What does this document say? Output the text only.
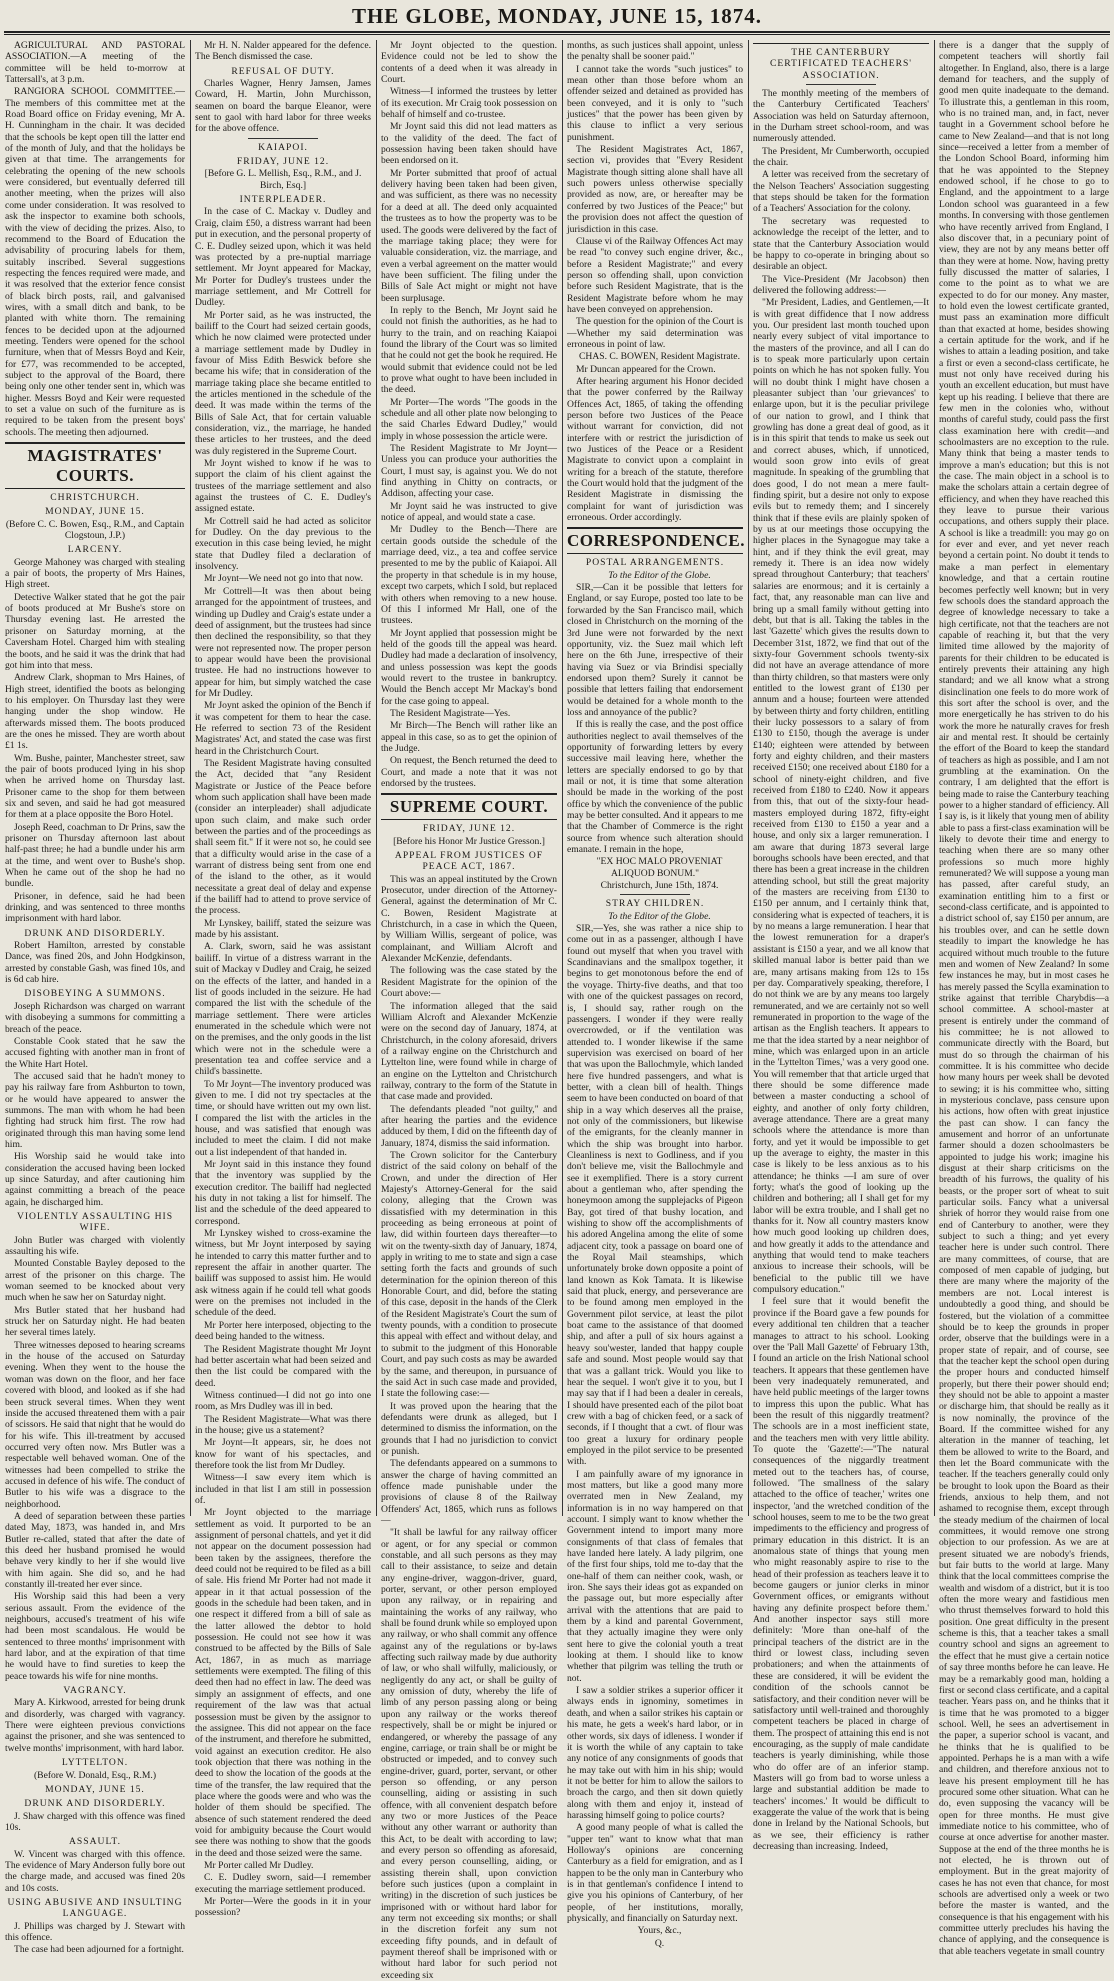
THE GLOBE, MONDAY, JUNE 15, 1874.

AGRICULTURAL AND PASTORAL ASSOCIATION.—A meeting of the committee will be held to-morrow at Tattersall's, at 3 p.m.

RANGIORA SCHOOL COMMITTEE.—The members of this committee met at the Road Board office on Friday evening, Mr A. H. Cunningham in the chair. It was decided that the schools be kept open till the latter end of the month of July, and that the holidays be given at that time. The arrangements for celebrating the opening of the new schools were considered, but eventually deferred till another meeting, when the prizes will also come under consideration. It was resolved to ask the inspector to examine both schools, with the view of deciding the prizes. Also, to recommend to the Board of Education the advisability of procuring labels for them, suitably inscribed. Several suggestions respecting the fences required were made, and it was resolved that the exterior fence consist of black birch posts, rail, and galvanised wires, with a small ditch and bank, to be planted with white thorn. The remaining fences to be decided upon at the adjourned meeting. Tenders were opened for the school furniture, when that of Messrs Boyd and Keir, for £77, was recommended to be accepted, subject to the approval of the Board, there being only one other tender sent in, which was higher. Messrs Boyd and Keir were requested to set a value on such of the furniture as is required to be taken from the present boys' schools. The meeting then adjourned.

MAGISTRATES' COURTS.
CHRISTCHURCH.
MONDAY, JUNE 15.

(Before C. C. Bowen, Esq., R.M., and Captain Clogstoun, J.P.)

LARCENY.

George Mahoney was charged with stealing a pair of boots, the property of Mrs Haines, High street.

Detective Walker stated that he got the pair of boots produced at Mr Bushe's store on Thursday evening last. He arrested the prisoner on Saturday morning, at the Caversham Hotel. Charged him with stealing the boots, and he said it was the drink that had got him into that mess.

Andrew Clark, shopman to Mrs Haines, of High street, identified the boots as belonging to his employer. On Thursday last they were hanging under the shop window. He afterwards missed them. The boots produced are the ones he missed. They are worth about £1 1s.

Wm. Bushe, painter, Manchester street, saw the pair of boots produced lying in his shop when he arrived home on Thursday last. Prisoner came to the shop for them between six and seven, and said he had got measured for them at a place opposite the Boro Hotel.

Joseph Reed, coachman to Dr Prins, saw the prisoner on Thursday afternoon last about half-past three; he had a bundle under his arm at the time, and went over to Bushe's shop. When he came out of the shop he had no bundle.

Prisoner, in defence, said he had been drinking, and was sentenced to three months imprisonment with hard labor.

DRUNK AND DISORDERLY.

Robert Hamilton, arrested by constable Dance, was fined 20s, and John Hodgkinson, arrested by constable Gash, was fined 10s, and is 6d cab hire.

DISOBEYING A SUMMONS.

Joseph Richardson was charged on warrant with disobeying a summons for committing a breach of the peace.

Constable Cook stated that he saw the accused fighting with another man in front of the White Hart Hotel.

The accused said that he hadn't money to pay his railway fare from Ashburton to town, or he would have appeared to answer the summons. The man with whom he had been fighting had struck him first. The row had originated through this man having some lend him.

His Worship said he would take into consideration the accused having been locked up since Saturday, and after cautioning him against committing a breach of the peace again, he discharged him.

VIOLENTLY ASSAULTING HIS WIFE.

John Butler was charged with violently assaulting his wife.

Mounted Constable Bayley deposed to the arrest of the prisoner on this charge. The woman seemed to be knocked about very much when he saw her on Saturday night.

Mrs Butler stated that her husband had struck her on Saturday night. He had beaten her several times lately.

Three witnesses deposed to hearing screams in the house of the accused on Saturday evening. When they went to the house the woman was down on the floor, and her face covered with blood, and looked as if she had been struck several times. When they went inside the accused threatened them with a pair of scissors. He said that night that he would do for his wife. This ill-treatment by accused occurred very often now. Mrs Butler was a respectable well behaved woman. One of the witnesses had been compelled to strike the accused in defence of his wife. The conduct of Butler to his wife was a disgrace to the neighborhood.

A deed of separation between these parties dated May, 1873, was handed in, and Mrs Butler re-called, stated that after the date of this deed her husband promised he would behave very kindly to her if she would live with him again. She did so, and he had constantly ill-treated her ever since.

His Worship said this had been a very serious assault. From the evidence of the neighbours, accused's treatment of his wife had been most scandalous. He would be sentenced to three months' imprisonment with hard labor, and at the expiration of that time he would have to find sureties to keep the peace towards his wife for nine months.

VAGRANCY.

Mary A. Kirkwood, arrested for being drunk and disorderly, was charged with vagrancy. There were eighteen previous convictions against the prisoner, and she was sentenced to twelve months' imprisonment, with hard labor.

LYTTELTON.

(Before W. Donald, Esq., R.M.)

MONDAY, JUNE 15.
DRUNK AND DISORDERLY.

J. Shaw charged with this offence was fined 10s.

ASSAULT.

W. Vincent was charged with this offence. The evidence of Mary Anderson fully bore out the charge made, and accused was fined 20s and 10s costs.

USING ABUSIVE AND INSULTING LANGUAGE.

J. Phillips was charged by J. Stewart with this offence.

The case had been adjourned for a fortnight.

Mr H. N. Nalder appeared for the defence. The Bench dismissed the case.

REFUSAL OF DUTY.

Charles Wagner, Henry Jamsen, James Coward, H. Martin, John Murchisson, seamen on board the barque Eleanor, were sent to gaol with hard labor for three weeks for the above offence.

KAIAPOI.
FRIDAY, JUNE 12.

[Before G. L. Mellish, Esq., R.M., and J. Birch, Esq.]

INTERPLEADER.

In the case of C. Mackay v. Dudley and Craig, claim £50, a distress warrant had been put in execution, and the personal property of C. E. Dudley seized upon, which it was held was protected by a pre-nuptial marriage settlement. Mr Joynt appeared for Mackay, Mr Porter for Dudley's trustees under the marriage settlement, and Mr Cottrell for Dudley.

Mr Porter said, as he was instructed, the bailiff to the Court had seized certain goods, which he now claimed were protected under a marriage settlement made by Dudley in favour of Miss Edith Beswick before she became his wife; that in consideration of the marriage taking place she became entitled to the articles mentioned in the schedule of the deed. It was made within the terms of the Bills of Sale Act, that for certain valuable consideration, viz., the marriage, he handed these articles to her trustees, and the deed was duly registered in the Supreme Court.

Mr Joynt wished to know if he was to support the claim of his client against the trustees of the marriage settlement and also against the trustees of C. E. Dudley's assigned estate.

Mr Cottrell said he had acted as solicitor for Dudley. On the day previous to the execution in this case being levied, he might state that Dudley filed a declaration of insolvency.

Mr Joynt—We need not go into that now.

Mr Cottrell—It was then about being arranged for the appointment of trustees, and winding up Dudley and Craig's estate under a deed of assignment, but the trustees had since then declined the responsibility, so that they were not represented now. The proper person to appear would have been the provisional trustee. He had no instructions however to appear for him, but simply watched the case for Mr Dudley.

Mr Joynt asked the opinion of the Bench if it was competent for them to hear the case. He referred to section 73 of the Resident Magistrates' Act, and stated the case was first heard in the Christchurch Court.

The Resident Magistrate having consulted the Act, decided that "any Resident Magistrate or Justice of the Peace before whom such application shall have been made (consider an interpleader) shall adjudicate upon such claim, and make such order between the parties and of the proceedings as shall seem fit." If it were not so, he could see that a difficulty would arise in the case of a warrant of distress being sent from one end of the island to the other, as it would necessitate a great deal of delay and expense if the bailiff had to attend to prove service of the process.

Mr Lynskey, bailiff, stated the seizure was made by his assistant.

A. Clark, sworn, said he was assistant bailiff. In virtue of a distress warrant in the suit of Mackay v Dudley and Craig, he seized on the effects of the latter, and handed in a list of goods included in the seizure. He had compared the list with the schedule of the marriage settlement. There were articles enumerated in the schedule which were not on the premises, and the only goods in the list which were not in the schedule were a presentation tea and coffee service and a child's bassinette.

To Mr Joynt—The inventory produced was given to me. I did not try spectacles at the time, or should have written out my own list. I compared the list with the articles in the house, and was satisfied that enough was included to meet the claim. I did not make out a list independent of that handed in.

Mr Joynt said in this instance they found that the inventory was supplied by the execution creditor. The bailiff had neglected his duty in not taking a list for himself. The list and the schedule of the deed appeared to correspond.

Mr Lynskey wished to cross-examine the witness, but Mr Joynt interposed by saying he intended to carry this matter further and to represent the affair in another quarter. The bailiff was supposed to assist him. He would ask witness again if he could tell what goods were on the premises not included in the schedule of the deed.

Mr Porter here interposed, objecting to the deed being handed to the witness.

The Resident Magistrate thought Mr Joynt had better ascertain what had been seized and then the list could be compared with the deed.

Witness continued—I did not go into one room, as Mrs Dudley was ill in bed.

The Resident Magistrate—What was there in the house; give us a statement?

Mr Joynt—It appears, sir, he does not know for want of his spectacles, and therefore took the list from Mr Dudley.

Witness—I saw every item which is included in that list I am still in possession of.

Mr Joynt objected to the marriage settlement as void. It purported to be an assignment of personal chattels, and yet it did not appear on the document possession had been taken by the assignees, therefore the deed could not be required to be filed as a bill of sale. His friend Mr Porter had not made it appear in it that actual possession of the goods in the schedule had been taken, and in one respect it differed from a bill of sale as the latter allowed the debtor to hold possession. He could not see how it was construed to be affected by the Bills of Sale Act, 1867, in as much as marriage settlements were exempted. The filing of this deed then had no effect in law. The deed was simply an assignment of effects, and one requirement of the law was that actual possession must be given by the assignor to the assignee. This did not appear on the face of the instrument, and therefore he submitted, void against an execution creditor. He also took objection that there was nothing in the deed to show the location of the goods at the time of the transfer, the law required that the place where the goods were and who was the holder of them should be specified. The absence of such statement rendered the deed void for ambiguity because the Court would see there was nothing to show that the goods in the deed and those seized were the same.

Mr Porter called Mr Dudley.

C. E. Dudley sworn, said—I remember executing the marriage settlement produced.

Mr Porter—Were the goods in it in your possession?

Mr Joynt objected to the question. Evidence could not be led to show the contents of a deed when it was already in Court.

Witness—I informed the trustees by letter of its execution. Mr Craig took possession on behalf of himself and co-trustee.

Mr Joynt said this did not lead matters as to the validity of the deed. The fact of possession having been taken should have been endorsed on it.

Mr Porter submitted that proof of actual delivery having been taken had been given, and was sufficient, as there was no necessity for a deed at all. The deed only acquainted the trustees as to how the property was to be used. The goods were delivered by the fact of the marriage taking place; they were for valuable consideration, viz. the marriage, and even a verbal agreement on the matter would have been sufficient. The filing under the Bills of Sale Act might or might not have been surplusage.

In reply to the Bench, Mr Joynt said he could not finish the authorities, as he had to hurry to the train, and on reaching Kaiapoi found the library of the Court was so limited that he could not get the book he required. He would submit that evidence could not be led to prove what ought to have been included in the deed.

Mr Porter—The words "The goods in the schedule and all other plate now belonging to the said Charles Edward Dudley," would imply in whose possession the article were.

The Resident Magistrate to Mr Joynt—Unless you can produce your authorities the Court, I must say, is against you. We do not find anything in Chitty on contracts, or Addison, affecting your case.

Mr Joynt said he was instructed to give notice of appeal, and would state a case.

Mr Dudley to the Bench—There are certain goods outside the schedule of the marriage deed, viz., a tea and coffee service presented to me by the public of Kaiapoi. All the property in that schedule is in my house, except two carpets, which I sold, but replaced with others when removing to a new house. Of this I informed Mr Hall, one of the trustees.

Mr Joynt applied that possession might be held of the goods till the appeal was heard. Dudley had made a declaration of insolvency, and unless possession was kept the goods would revert to the trustee in bankruptcy. Would the Bench accept Mr Mackay's bond for the case going to appeal.

The Resident Magistrate—Yes.

Mr Birch—The Bench will rather like an appeal in this case, so as to get the opinion of the Judge.

On request, the Bench returned the deed to Court, and made a note that it was not endorsed by the trustees.

SUPREME COURT.
FRIDAY, JUNE 12.

[Before his Honor Mr Justice Gresson.]

APPEAL FROM JUSTICES OF PEACE ACT, 1867.

This was an appeal instituted by the Crown Prosecutor, under direction of the Attorney-General, against the determination of Mr C. C. Bowen, Resident Magistrate at Christchurch, in a case in which the Queen, by William Willis, sergeant of police, was complainant, and William Alcroft and Alexander McKenzie, defendants.

The following was the case stated by the Resident Magistrate for the opinion of the Court above:—

The information alleged that the said William Alcroft and Alexander McKenzie were on the second day of January, 1874, at Christchurch, in the colony aforesaid, drivers of a railway engine on the Christchurch and Lyttelton line, were found while in charge of an engine on the Lyttelton and Christchurch railway, contrary to the form of the Statute in that case made and provided.

The defendants pleaded "not guilty," and after hearing the parties and the evidence adduced by them, I did on the fifteenth day of January, 1874, dismiss the said information.

The Crown solicitor for the Canterbury district of the said colony on behalf of the Crown, and under the direction of Her Majesty's Attorney-General for the said colony, alleging that the Crown was dissatisfied with my determination in this proceeding as being erroneous at point of law, did within fourteen days thereafter—to wit on the twenty-sixth day of January, 1874, apply in writing to me to state and sign a case setting forth the facts and grounds of such determination for the opinion thereon of this Honorable Court, and did, before the stating of this case, deposit in the hands of the Clerk of the Resident Magistrate's Court the sum of twenty pounds, with a condition to prosecute this appeal with effect and without delay, and to submit to the judgment of this Honorable Court, and pay such costs as may be awarded by the same, and thereupon, in pursuance of the said Act in such case made and provided, I state the following case:—

It was proved upon the hearing that the defendants were drunk as alleged, but I determined to dismiss the information, on the grounds that I had no jurisdiction to convict or punish.

The defendants appeared on a summons to answer the charge of having committed an offence made punishable under the provisions of clause 8 of the Railway Offenders' Act, 1865, which runs as follows—

"It shall be lawful for any railway officer or agent, or for any special or common constable, and all such persons as they may call to their assistance, to seize and detain any engine-driver, waggon-driver, guard, porter, servant, or other person employed upon any railway, or in repairing and maintaining the works of any railway, who shall be found drunk while so employed upon any railway, or who shall commit any offence against any of the regulations or by-laws affecting such railway made by due authority of law, or who shall wilfully, maliciously, or negligently do any act, or shall be guilty of any omission of duty, whereby the life of limb of any person passing along or being upon any railway or the works thereof respectively, shall be or might be injured or endangered, or whereby the passage of any engine, carriage, or train shall be or might be obstructed or impeded, and to convey such engine-driver, guard, porter, servant, or other person so offending, or any person counselling, aiding or assisting in such offence, with all convenient despatch before any two or more Justices of the Peace without any other warrant or authority than this Act, to be dealt with according to law; and every person so offending as aforesaid, and every person counselling, aiding, or assisting therein shall, upon conviction before such justices (upon a complaint in writing) in the discretion of such justices be imprisoned with or without hard labor for any term not exceeding six months; or shall in the discretion forfeit any sum not exceeding fifty pounds, and in default of payment thereof shall be imprisoned with or without hard labor for such period not exceeding six

months, as such justices shall appoint, unless the penalty shall be sooner paid."

I cannot take the words "such justices" to mean other than those before whom an offender seized and detained as provided has been conveyed, and it is only to "such justices" that the power has been given by this clause to inflict a very serious punishment.

The Resident Magistrates Act, 1867, section vi, provides that "Every Resident Magistrate though sitting alone shall have all such powers unless otherwise specially provided as now, are, or hereafter may be conferred by two Justices of the Peace;" but the provision does not affect the question of jurisdiction in this case.

Clause vi of the Railway Offences Act may be read "to convey such engine driver, &c., before a Resident Magistrate;" and every person so offending shall, upon conviction before such Resident Magistrate, that is the Resident Magistrate before whom he may have been conveyed on apprehension.

The question for the opinion of the Court is—Whether my said determination was erroneous in point of law.

CHAS. C. BOWEN, Resident Magistrate.

Mr Duncan appeared for the Crown.

After hearing argument his Honor decided that the power conferred by the Railway Offences Act, 1865, of taking the offending person before two Justices of the Peace without warrant for conviction, did not interfere with or restrict the jurisdiction of two Justices of the Peace or a Resident Magistrate to convict upon a complaint in writing for a breach of the statute, therefore the Court would hold that the judgment of the Resident Magistrate in dismissing the complaint for want of jurisdiction was erroneous. Order accordingly.

CORRESPONDENCE.
POSTAL ARRANGEMENTS.

To the Editor of the Globe.

SIR,—Can it be possible that letters for England, or say Europe, posted too late to be forwarded by the San Francisco mail, which closed in Christchurch on the morning of the 3rd June were not forwarded by the next opportunity, viz. the Suez mail which left here on the 6th June, irrespective of their having via Suez or via Brindisi specially endorsed upon them? Surely it cannot be possible that letters failing that endorsement would be detained for a whole month to the loss and annoyance of the public?

If this is really the case, and the post office authorities neglect to avail themselves of the opportunity of forwarding letters by every successive mail leaving here, whether the letters are specially endorsed to go by that mail or not, it is time that some alteration should be made in the working of the post office by which the convenience of the public may be better consulted. And it appears to me that the Chamber of Commerce is the right source from whence such alteration should emanate. I remain in the hope,

"EX HOC MALO PROVENIAT ALIQUOD BONUM."

Christchurch, June 15th, 1874.

STRAY CHILDREN.

To the Editor of the Globe.

SIR,—Yes, she was rather a nice ship to come out in as a passenger, although I have found out myself that when you travel with Scandinavians and the smallpox together, it begins to get monotonous before the end of the voyage. Thirty-five deaths, and that too with one of the quickest passages on record, is, I should say, rather rough on the passengers. I wonder if they were really overcrowded, or if the ventilation was attended to. I wonder likewise if the same supervision was exercised on board of her that was upon the Ballochmyle, which landed here five hundred passengers, and what is better, with a clean bill of health. Things seem to have been conducted on board of that ship in a way which deserves all the praise, not only of the commissioners, but likewise of the emigrants, for the cleanly manner in which the ship was brought into harbor. Cleanliness is next to Godliness, and if you don't believe me, visit the Ballochmyle and see it exemplified. There is a story current about a gentleman who, after spending the honeymoon among the supplejacks of Pigeon Bay, got tired of that bushy location, and wishing to show off the accomplishments of his adored Angelina among the elite of some adjacent city, took a passage on board one of the Royal Mail steamships, which unfortunately broke down opposite a point of land known as Kok Tamata. It is likewise said that pluck, energy, and perseverance are to be found among men employed in the Government pilot service, at least the pilot boat came to the assistance of that doomed ship, and after a pull of six hours against a heavy sou'wester, landed that happy couple safe and sound. Most people would say that that was a gallant trick. Would you like to hear the sequel. I won't give it to you, but I may say that if I had been a dealer in cereals, I should have presented each of the pilot boat crew with a bag of chicken feed, or a sack of seconds, if I thought that a cwt. of flour was too great a luxury for ordinary people employed in the pilot service to be presented with.

I am painfully aware of my ignorance in most matters, but like a good many more overrated men in New Zealand, my information is in no way hampered on that account. I simply want to know whether the Government intend to import many more consignments of that class of females that have landed here lately. A lady pilgrim, one of the first four ships, told me to-day that the one-half of them can neither cook, wash, or iron. She says their ideas got as expanded on the passage out, but more especially after arrival with the attentions that are paid to them by a kind and parental Government, that they actually imagine they were only sent here to give the colonial youth a treat looking at them. I should like to know whether that pilgrim was telling the truth or not.

I saw a soldier strikes a superior officer it always ends in ignominy, sometimes in death, and when a sailor strikes his captain or his mate, he gets a week's hard labor, or in other words, six days of idleness. I wonder if it is worth the while of any captain to take any notice of any consignments of goods that he may take out with him in his ship; would it not be better for him to allow the sailors to broach the cargo, and then sit down quietly along with them and enjoy it, instead of harassing himself going to police courts?

A good many people of what is called the "upper ten" want to know what that man Holloway's opinions are concerning Canterbury as a field for emigration, and as I happen to be the only man in Canterbury who is in that gentleman's confidence I intend to give you his opinions of Canterbury, of her people, of her institutions, morally, physically, and financially on Saturday next.

Yours, &c.,

Q.

THE CANTERBURY CERTIFICATED TEACHERS' ASSOCIATION.

The monthly meeting of the members of the Canterbury Certificated Teachers' Association was held on Saturday afternoon, in the Durham street school-room, and was numerously attended.

The President, Mr Cumberworth, occupied the chair.

A letter was received from the secretary of the Nelson Teachers' Association suggesting that steps should be taken for the formation of a Teachers' Association for the colony.

The secretary was requested to acknowledge the receipt of the letter, and to state that the Canterbury Association would be happy to co-operate in bringing about so desirable an object.

The Vice-President (Mr Jacobson) then delivered the following address:—

"Mr President, Ladies, and Gentlemen,—It is with great diffidence that I now address you. Our president last month touched upon nearly every subject of vital importance to the masters of the province, and all I can do is to speak more particularly upon certain points on which he has not spoken fully. You will no doubt think I might have chosen a pleasanter subject than 'our grievances' to enlarge upon, but it is the peculiar privilege of our nation to growl, and I think that growling has done a great deal of good, as it is in this spirit that tends to make us seek out and correct abuses, which, if unnoticed, would soon grow into evils of great magnitude. In speaking of the grumbling that does good, I do not mean a mere fault-finding spirit, but a desire not only to expose evils but to remedy them; and I sincerely think that if these evils are plainly spoken of by us at our meetings those occupying the higher places in the Synagogue may take a hint, and if they think the evil great, may remedy it. There is an idea now widely spread throughout Canterbury; that teachers' salaries are enormous; and it is certainly a fact, that, any reasonable man can live and bring up a small family without getting into debt, but that is all. Taking the tables in the last 'Gazette' which gives the results down to December 31st, 1872, we find that out of the sixty-four Government schools twenty-six did not have an average attendance of more than thirty children, so that masters were only entitled to the lowest grant of £130 per annum and a house; fourteen were attended by between thirty and forty children, entitling their lucky possessors to a salary of from £130 to £150, though the average is under £140; eighteen were attended by between forty and eighty children, and their masters received £150; one received about £180 for a school of ninety-eight children, and five received from £180 to £240. Now it appears from this, that out of the sixty-four head-masters employed during 1872, fifty-eight received from £130 to £150 a year and a house, and only six a larger remuneration. I am aware that during 1873 several large boroughs schools have been erected, and that there has been a great increase in the children attending school, but still the great majority of the masters are receiving from £130 to £150 per annum, and I certainly think that, considering what is expected of teachers, it is by no means a large remuneration. I hear that the lowest remuneration for a draper's assistant is £150 a year, and we all know that skilled manual labor is better paid than we are, many artisans making from 12s to 15s per day. Comparatively speaking, therefore, I do not think we are by any means too largely remunerated, and we are certainly not so well remunerated in proportion to the wage of the artisan as the English teachers. It appears to me that the idea started by a near neighbor of mine, which was enlarged upon in an article in the 'Lyttelton Times,' was a very good one. You will remember that that article urged that there should be some difference made between a master conducting a school of eighty, and another of only forty children, average attendance. There are a great many schools where the attendance is more than forty, and yet it would be impossible to get up the average to eighty, the master in this case is likely to be less anxious as to his attendance; he thinks —I am sure of over forty; what's the good of looking up the children and bothering; all I shall get for my labor will be extra trouble, and I shall get no thanks for it. Now all country masters know how much good looking up children does, and how greatly it adds to the attendance and anything that would tend to make teachers anxious to increase their schools, will be beneficial to the public till we have compulsory education."

I feel sure that it would benefit the province if the Board gave a few pounds for every additional ten children that a teacher manages to attract to his school. Looking over the 'Pall Mall Gazette' of February 13th, I found an article on the Irish National school teachers. It appears that these gentlemen have been very inadequately remunerated, and have held public meetings of the larger towns to impress this upon the public. What has been the result of this niggardly treatment? The schools are in a most inefficient state, and the teachers men with very little ability. To quote the 'Gazette':—"The natural consequences of the niggardly treatment meted out to the teachers has, of course, followed. 'The smallness of the salary attached to the office of teacher,' writes one inspector, 'and the wretched condition of the school houses, seem to me to be the two great impediments to the efficiency and progress of primary education in this district. It is an anomalous state of things that young men who might reasonably aspire to rise to the head of their profession as teachers leave it to become gaugers or junior clerks in minor Government offices, or emigrants without having any definite prospect before them.' And another inspector says still more definitely: 'More than one-half of the principal teachers of the district are in the third or lowest class, including seven probationers; and when the attainments of these are considered, it will be evident the condition of the schools cannot be satisfactory, and their condition never will be satisfactory until well-trained and thoroughly competent teachers be placed in charge of them. The prospect of attaining this end is not encouraging, as the supply of male candidate teachers is yearly diminishing, while those who do offer are of an inferior stamp. Masters will go from bad to worse unless a large and substantial addition be made to teachers' incomes.' It would be difficult to exaggerate the value of the work that is being done in Ireland by the National Schools, but as we see, their efficiency is rather decreasing than increasing. Indeed,

there is a danger that the supply of competent teachers will shortly fail altogether. In England, also, there is a large demand for teachers, and the supply of good men quite inadequate to the demand. To illustrate this, a gentleman in this room, who is no trained man, and, in fact, never taught in a Government school before he came to New Zealand—and that is not long since—received a letter from a member of the London School Board, informing him that he was appointed to the Stepney endowed school, if he chose to go to England, and the appointment to a large London school was guaranteed in a few months. In conversing with those gentlemen who have recently arrived from England, I also discover that, in a pecuniary point of view, they are not by any means better off than they were at home. Now, having pretty fully discussed the matter of salaries, I come to the point as to what we are expected to do for our money. Any master, to hold even the lowest certificate granted, must pass an examination more difficult than that exacted at home, besides showing a certain aptitude for the work, and if he wishes to attain a leading position, and take a first or even a second-class certificate, he must not only have received during his youth an excellent education, but must have kept up his reading. I believe that there are few men in the colonies who, without months of careful study, could pass the first class examination here with credit—and schoolmasters are no exception to the rule. Many think that being a master tends to improve a man's education; but this is not the case. The main object in a school is to make the scholars attain a certain degree of efficiency, and when they have reached this they leave to pursue their various occupations, and others supply their place. A school is like a treadmill: you may go on for ever and ever, and yet never reach beyond a certain point. No doubt it tends to make a man perfect in elementary knowledge, and that a certain routine becomes perfectly well known; but in very few schools does the standard approach the degree of knowledge necessary to take a high certificate, not that the teachers are not capable of reaching it, but that the very limited time allowed by the majority of parents for their children to be educated is entirely prevents their attaining any high standard; and we all know what a strong disinclination one feels to do more work of this sort after the school is over, and the more energetically he has striven to do his work the more he naturally craves for fresh air and mental rest. It should be certainly the effort of the Board to keep the standard of teachers as high as possible, and I am not grumbling at the examination. On the contrary, I am delighted that the effort is being made to raise the Canterbury teaching power to a higher standard of efficiency. All I say is, is it likely that young men of ability able to pass a first-class examination will be likely to devote their time and energy to teaching when there are so many other professions so much more highly remunerated? We will suppose a young man has passed, after careful study, an examination entitling him to a first or second-class certificate, and is appointed to a district school of, say £150 per annum, are his troubles over, and can he settle down steadily to impart the knowledge he has acquired without much trouble to the future men and women of New Zealand? In some few instances he may, but in most cases he has merely passed the Scylla examination to strike against that terrible Charybdis—a school committee. A school-master at present is entirely under the command of his committee; he is not allowed to communicate directly with the Board, but must do so through the chairman of his committee. It is his committee who decide how many hours per week shall be devoted to sewing; it is his committee who, sitting in mysterious conclave, pass censure upon his actions, how often with great injustice the past can show. I can fancy the amusement and horror of an unfortunate farmer should a dozen schoolmasters be appointed to judge his work; imagine his disgust at their sharp criticisms on the breadth of his furrows, the quality of his beasts, or the proper sort of wheat to suit particular soils. Fancy what a universal shriek of horror they would raise from one end of Canterbury to another, were they subject to such a thing; and yet every teacher here is under such control. There are many committees, of course, that are composed of men capable of judging, but there are many where the majority of the members are not. Local interest is undoubtedly a good thing, and should be fostered, but the violation of a committee should be to keep the grounds in proper order, observe that the buildings were in a proper state of repair, and of course, see that the teacher kept the school open during the proper hours and conducted himself properly, but there their power should end; they should not be able to appoint a master or discharge him, that should be really as it is now nominally, the province of the Board. If the committee wished for any alteration in the manner of teaching, let them be allowed to write to the Board, and then let the Board communicate with the teacher. If the teachers generally could only be brought to look upon the Board as their friends, anxious to help them, and not ashamed to recognise them, except through the steady medium of the chairmen of local committees, it would remove one strong objection to our profession. As we are at present situated we are nobody's friends, but fair butts to the world at large. Many think that the local committees comprise the wealth and wisdom of a district, but it is too often the more weary and fastidious men who thrust themselves forward to hold this position. One great difficulty in the present scheme is this, that a teacher takes a small country school and signs an agreement to the effect that he must give a certain notice of say three months before he can leave. He may be a remarkably good man, holding a first or second class certificate, and a capital teacher. Years pass on, and he thinks that it is time that he was promoted to a bigger school. Well, he sees an advertisement in the paper, a superior school is vacant, and he thinks that he is qualified to be appointed. Perhaps he is a man with a wife and children, and therefore anxious not to leave his present employment till he has procured some other situation. What can he do, even supposing the vacancy will be open for three months. He must give immediate notice to his committee, who of course at once advertise for another master. Suppose at the end of the three months he is not elected, he is thrown out of employment. But in the great majority of cases he has not even that chance, for most schools are advertised only a week or two before the master is wanted, and the consequence is that his engagement with his committee utterly precludes his having the chance of applying, and the consequence is that able teachers vegetate in small country
